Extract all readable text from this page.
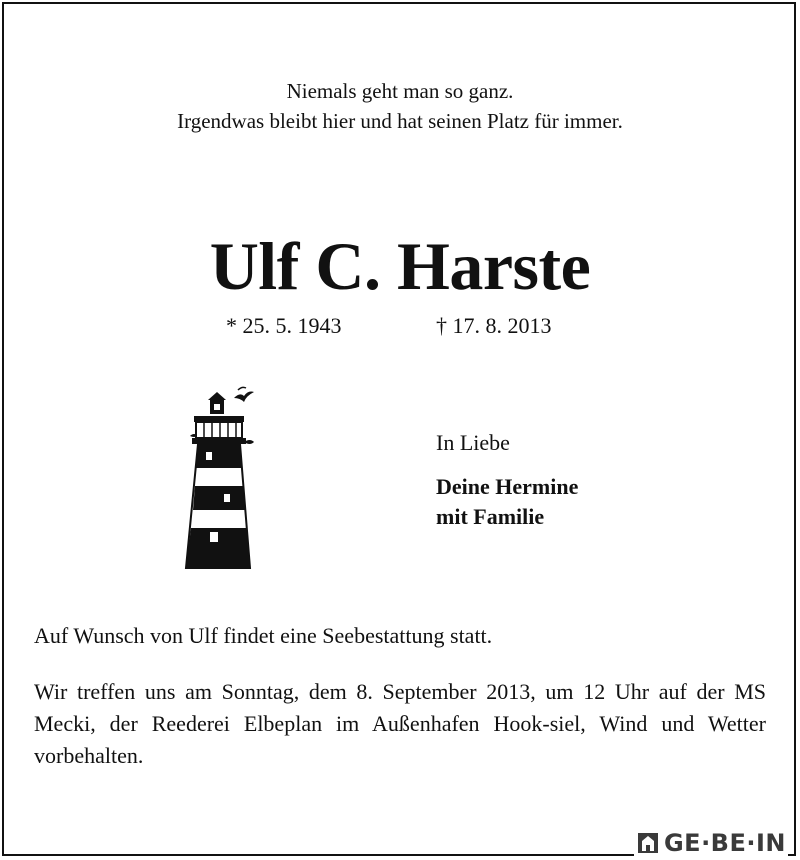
Niemals geht man so ganz.
Irgendwas bleibt hier und hat seinen Platz für immer.
Ulf C. Harste
* 25. 5. 1943	† 17. 8. 2013
In Liebe
Deine Hermine
mit Familie
Auf Wunsch von Ulf findet eine Seebestattung statt.
Wir treffen uns am Sonntag, dem 8. September 2013, um 12 Uhr auf der MS Mecki, der Reederei Elbeplan im Außenhafen Hook-siel, Wind und Wetter vorbehalten.
GE·BE·IN
